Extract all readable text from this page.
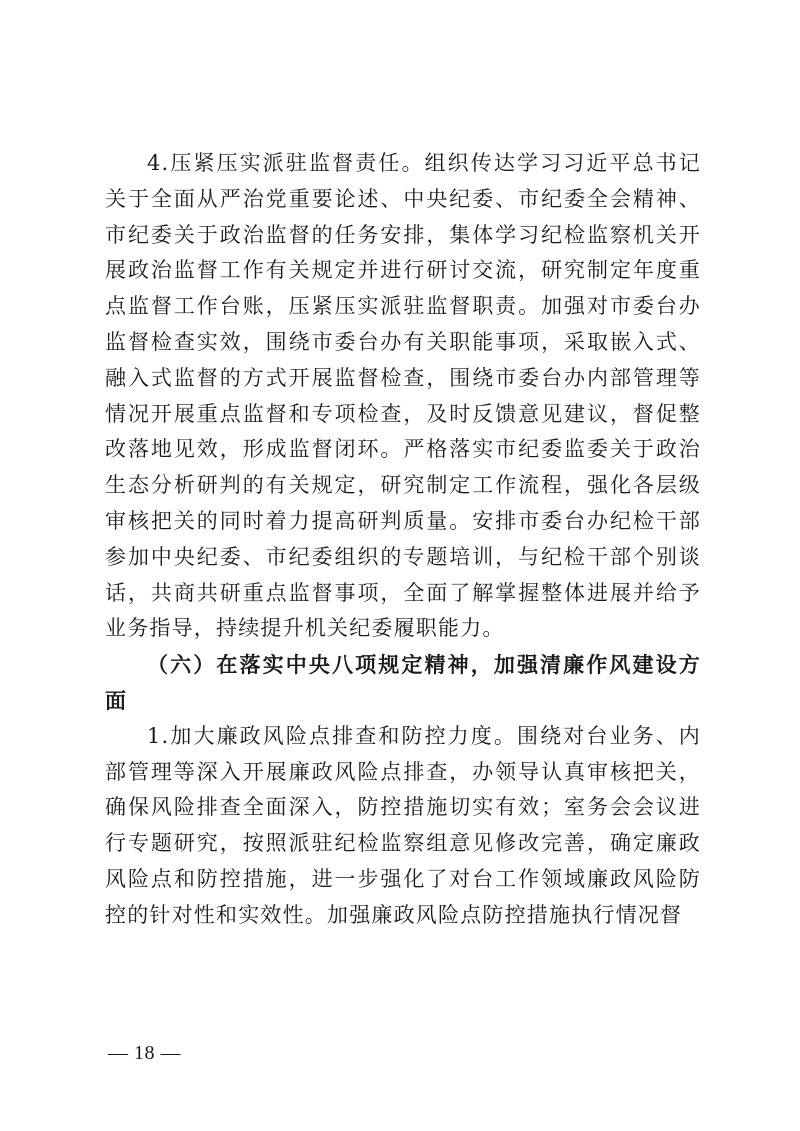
4.压紧压实派驻监督责任。组织传达学习习近平总书记关于全面从严治党重要论述、中央纪委、市纪委全会精神、市纪委关于政治监督的任务安排，集体学习纪检监察机关开展政治监督工作有关规定并进行研讨交流，研究制定年度重点监督工作台账，压紧压实派驻监督职责。加强对市委台办监督检查实效，围绕市委台办有关职能事项，采取嵌入式、融入式监督的方式开展监督检查，围绕市委台办内部管理等情况开展重点监督和专项检查，及时反馈意见建议，督促整改落地见效，形成监督闭环。严格落实市纪委监委关于政治生态分析研判的有关规定，研究制定工作流程，强化各层级审核把关的同时着力提高研判质量。安排市委台办纪检干部参加中央纪委、市纪委组织的专题培训，与纪检干部个别谈话，共商共研重点监督事项，全面了解掌握整体进展并给予业务指导，持续提升机关纪委履职能力。

（六）在落实中央八项规定精神，加强清廉作风建设方面

1.加大廉政风险点排查和防控力度。围绕对台业务、内部管理等深入开展廉政风险点排查，办领导认真审核把关，确保风险排查全面深入，防控措施切实有效；室务会会议进行专题研究，按照派驻纪检监察组意见修改完善，确定廉政风险点和防控措施，进一步强化了对台工作领域廉政风险防控的针对性和实效性。加强廉政风险点防控措施执行情况督

— 18 —
